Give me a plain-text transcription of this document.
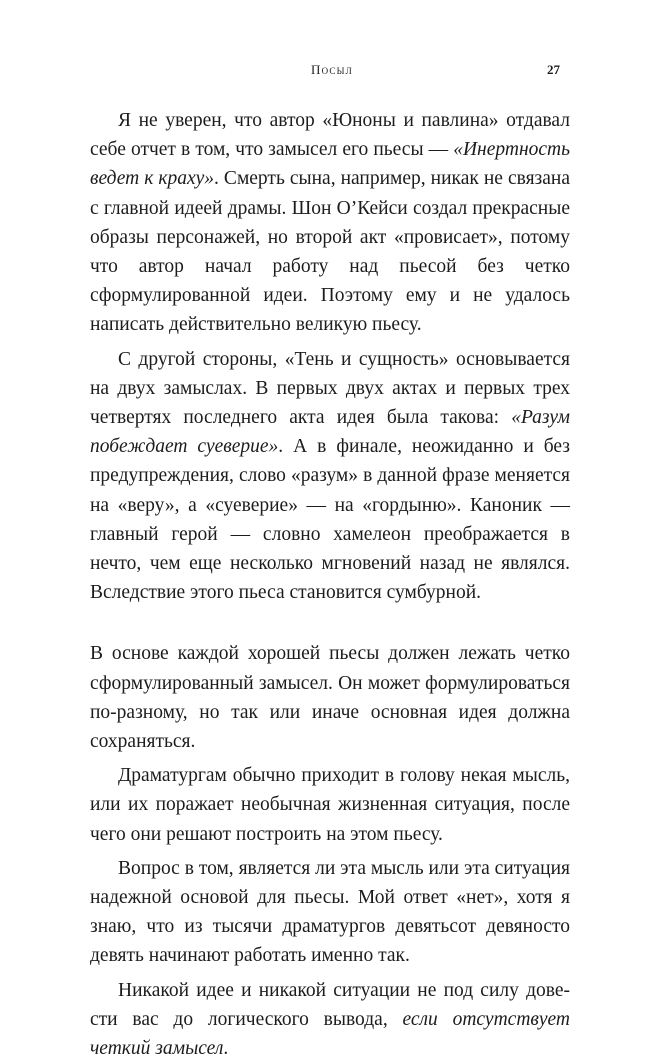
Посыл	27

Я не уверен, что автор «Юноны и павлина» отдавал себе отчет в том, что замысел его пьесы — «Инертность ведет к краху». Смерть сына, например, никак не связана с главной идеей драмы. Шон О’Кейси создал прекрасные образы персонажей, но второй акт «провисает», потому что автор начал работу над пьесой без четко сформулированной идеи. Поэтому ему и не удалось написать действительно великую пьесу.

С другой стороны, «Тень и сущность» основывается на двух замыслах. В первых двух актах и первых трех четвертях последнего акта идея была такова: «Разум побеждает суеверие». А в финале, неожиданно и без предупреждения, слово «разум» в данной фразе меняется на «веру», а «суеверие» — на «гордыню». Каноник — главный герой — словно хамелеон преображается в нечто, чем еще несколько мгновений назад не являлся. Вследствие этого пьеса становится сумбурной.

В основе каждой хорошей пьесы должен лежать четко сформулированный замысел. Он может формулироваться по-разному, но так или иначе основная идея должна сохраняться.

Драматургам обычно приходит в голову некая мысль, или их поражает необычная жизненная ситуация, после чего они решают построить на этом пьесу.

Вопрос в том, является ли эта мысль или эта ситуация надежной основой для пьесы. Мой ответ «нет», хотя я знаю, что из тысячи драматургов девятьсот девяносто девять начинают работать именно так.

Никакой идее и никакой ситуации не под силу довести вас до логического вывода, если отсутствует четкий замысел.
